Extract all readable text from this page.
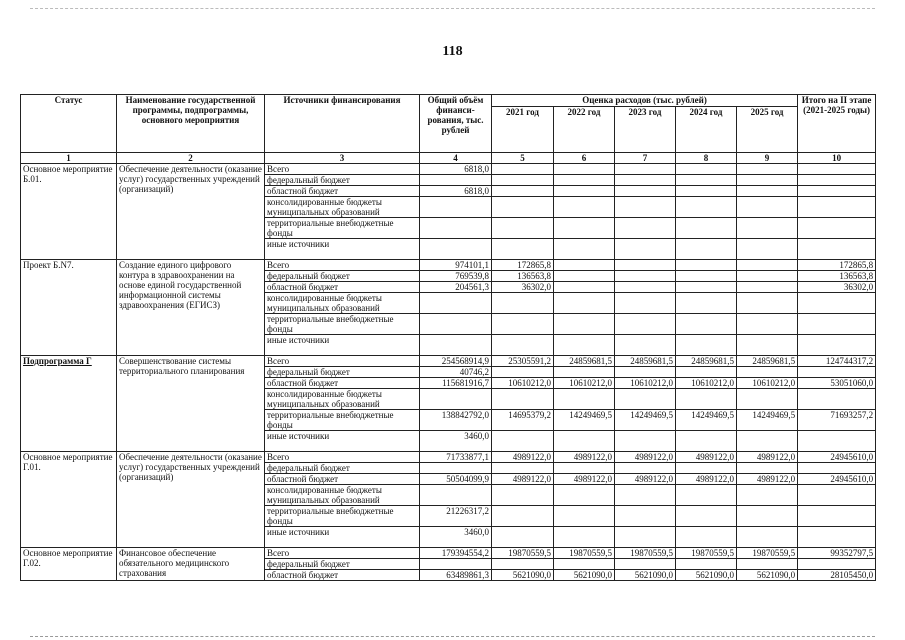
118
Статус	Наименование государственной программы, подпрограммы, основного мероприятия	Источники финансирования	Общий объём финанси-рования, тыс. рублей	Оценка расходов (тыс. рублей)					Итого на II этапе (2021-2025 годы)
				2021 год	2022 год	2023 год	2024 год	2025 год	
1	2	3	4	5	6	7	8	9	10
Основное мероприятие Б.01.	Обеспечение деятельности (оказание услуг) государственных учреждений (организаций)	Всего	6818,0						
		федеральный бюджет							
		областной бюджет	6818,0						
		консолидированные бюджеты муниципальных образований							
		территориальные внебюджетные фонды							
		иные источники							
Проект Б.N7.	Создание единого цифрового контура в здравоохранении на основе единой государственной информационной системы здравоохранения (ЕГИСЗ)	Всего	974101,1	172865,8					172865,8
		федеральный бюджет	769539,8	136563,8					136563,8
		областной бюджет	204561,3	36302,0					36302,0
		консолидированные бюджеты муниципальных образований							
		территориальные внебюджетные фонды							
		иные источники							
Подпрограмма Г	Совершенствование системы территориального планирования	Всего	254568914,9	25305591,2	24859681,5	24859681,5	24859681,5	24859681,5	124744317,2
		федеральный бюджет	40746,2						
		областной бюджет	115681916,7	10610212,0	10610212,0	10610212,0	10610212,0	10610212,0	53051060,0
		консолидированные бюджеты муниципальных образований							
		территориальные внебюджетные фонды	138842792,0	14695379,2	14249469,5	14249469,5	14249469,5	14249469,5	71693257,2
		иные источники	3460,0						
Основное мероприятие Г.01.	Обеспечение деятельности (оказание услуг) государственных учреждений (организаций)	Всего	71733877,1	4989122,0	4989122,0	4989122,0	4989122,0	4989122,0	24945610,0
		федеральный бюджет							
		областной бюджет	50504099,9	4989122,0	4989122,0	4989122,0	4989122,0	4989122,0	24945610,0
		консолидированные бюджеты муниципальных образований							
		территориальные внебюджетные фонды	21226317,2						
		иные источники	3460,0						
Основное мероприятие Г.02.	Финансовое обеспечение обязательного медицинского страхования	Всего	179394554,2	19870559,5	19870559,5	19870559,5	19870559,5	19870559,5	99352797,5
		федеральный бюджет							
		областной бюджет	63489861,3	5621090,0	5621090,0	5621090,0	5621090,0	5621090,0	28105450,0
